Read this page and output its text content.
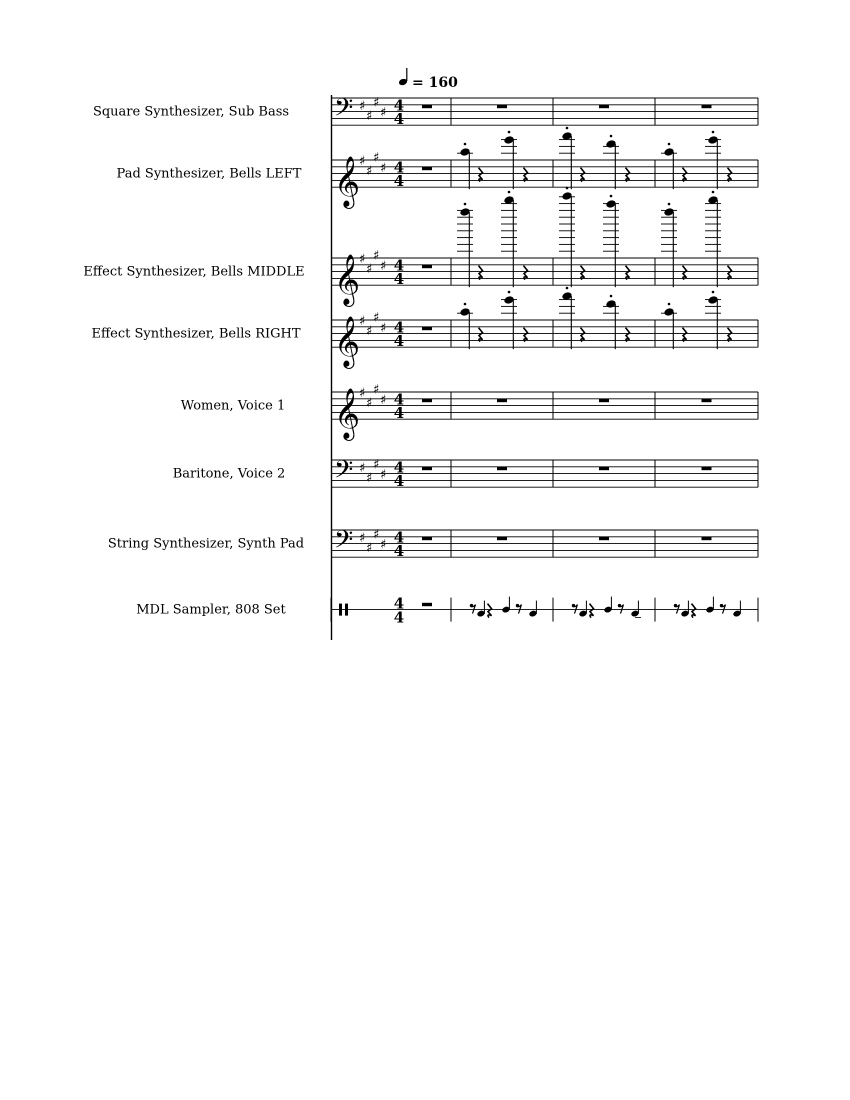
= 160
Square Synthesizer, Sub Bass 𝄢 ♯
♯
♯
♯ 4
4
Pad Synthesizer, Bells LEFT 𝄞
♯
♯
♯
♯ 4
4
Effect Synthesizer, Bells MIDDLE 𝄞
♯
♯
♯
♯ 4
4
Effect Synthesizer, Bells RIGHT 𝄞
♯
♯
♯
♯ 4
4
Women, Voice 1 𝄞
♯
♯
♯
♯ 4
4
Baritone, Voice 2 𝄢 ♯
♯
♯
♯ 4
4
String Synthesizer, Synth Pad 𝄢 ♯
♯
♯
♯ 4
4
MDL Sampler, 808 Set	4
4
